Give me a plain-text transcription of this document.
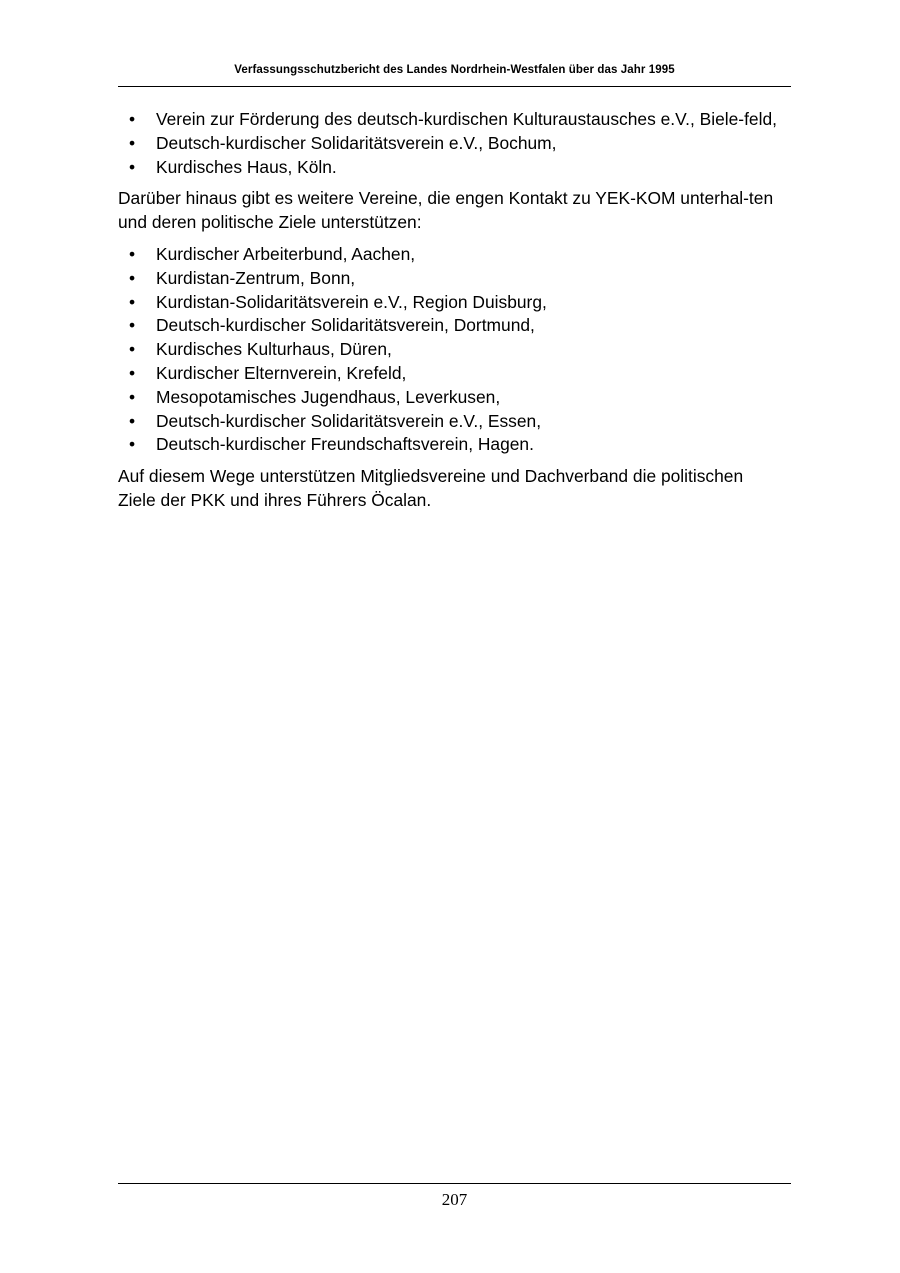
Verfassungsschutzbericht des Landes Nordrhein-Westfalen über das Jahr 1995
• Verein zur Förderung des deutsch-kurdischen Kulturaustausches e.V., Biele-feld,
• Deutsch-kurdischer Solidaritätsverein e.V., Bochum,
• Kurdisches Haus, Köln.

Darüber hinaus gibt es weitere Vereine, die engen Kontakt zu YEK-KOM unterhal-ten und deren politische Ziele unterstützen:

• Kurdischer Arbeiterbund, Aachen,
• Kurdistan-Zentrum, Bonn,
• Kurdistan-Solidaritätsverein e.V., Region Duisburg,
• Deutsch-kurdischer Solidaritätsverein, Dortmund,
• Kurdisches Kulturhaus, Düren,
• Kurdischer Elternverein, Krefeld,
• Mesopotamisches Jugendhaus, Leverkusen,
• Deutsch-kurdischer Solidaritätsverein e.V., Essen,
• Deutsch-kurdischer Freundschaftsverein, Hagen.

Auf diesem Wege unterstützen Mitgliedsvereine und Dachverband die politischen Ziele der PKK und ihres Führers Öcalan.

207
